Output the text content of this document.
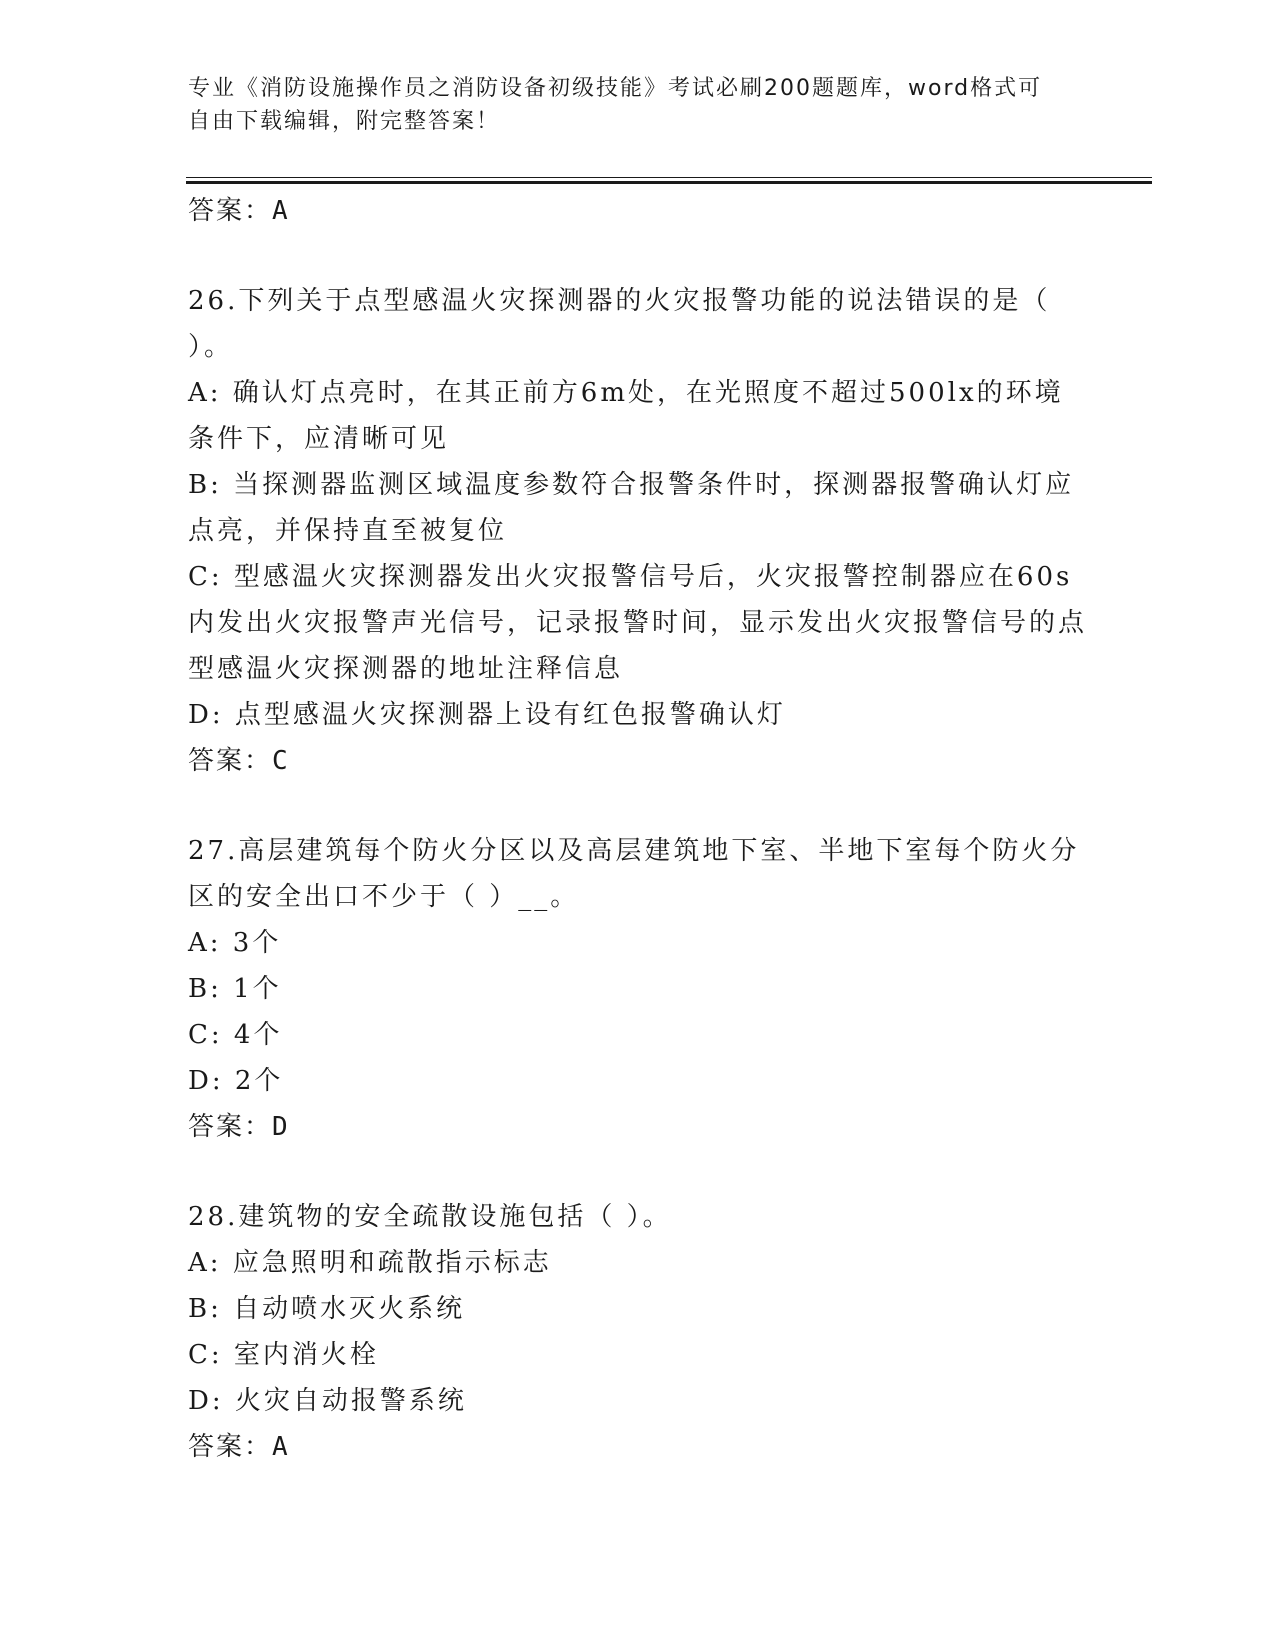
专业《消防设施操作员之消防设备初级技能》考试必刷200题题库，word格式可
自由下载编辑，附完整答案！
答案：A
26.下列关于点型感温火灾探测器的火灾报警功能的说法错误的是（ ）。
A: 确认灯点亮时，在其正前方6m处，在光照度不超过500lx的环境条件下，应清晰可见
B: 当探测器监测区域温度参数符合报警条件时，探测器报警确认灯应点亮，并保持直至被复位
C: 型感温火灾探测器发出火灾报警信号后，火灾报警控制器应在60s内发出火灾报警声光信号，记录报警时间，显示发出火灾报警信号的点型感温火灾探测器的地址注释信息
D: 点型感温火灾探测器上设有红色报警确认灯
答案：C
27.高层建筑每个防火分区以及高层建筑地下室、半地下室每个防火分区的安全出口不少于（ ）__。
A: 3个
B: 1个
C: 4个
D: 2个
答案：D
28.建筑物的安全疏散设施包括（ ）。
A: 应急照明和疏散指示标志
B: 自动喷水灭火系统
C: 室内消火栓
D: 火灾自动报警系统
答案：A
